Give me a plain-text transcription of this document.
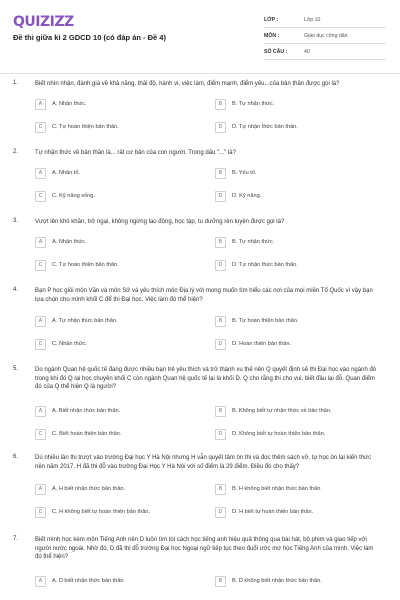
QUIZIZZ
Đề thi giữa kì 2 GDCD 10 (có đáp án - Đề 4)
LỚP :	Lớp 10
MÔN :	Giáo dục công dân
SỐ CÂU :	40
1.	Biết nhìn nhận, đánh giá về khả năng, thái độ, hành vi, việc làm, điểm mạnh, điểm yếu...của bản thân được gọi là?
A	A. Nhận thức.	B	B. Tự nhận thức.
C	C. Tự hoàn thiện bản thân.	D	D. Tự nhận thức bản thân.
2.	Tự nhận thức về bản thân là... rất cơ bản của con người. Trong dấu "..." là?
A	A. Nhân tố.	B	B. Yếu tố.
C	C. Kỹ năng sống.	D	D. Kỹ năng.
3.	Vượt lên khó khăn, trở ngại, không ngừng lao động, học tập, tu dưỡng rèn luyện được gọi là?
A	A. Nhận thức.	B	B. Tự nhận thức.
C	C. Tự hoàn thiện bản thân.	D	D. Tự nhận thức bản thân.
4.	Bạn P học giỏi môn Văn và môn Sử và yêu thích môn Địa lý với mong muốn tìm hiểu các nơi của mọi miền Tổ Quốc vì vậy bạn lựa chọn cho mình khối C để thi Đại học. Việc làm đó thể hiện?
A	A. Tự nhận thức bản thân.	B	B. Tự hoàn thiện bản thân.
C	C. Nhận thức.	D	D. Hoàn thiện bản thân.
5.	Do ngành Quan hệ quốc tế đang được nhiều bạn trẻ yêu thích và trở thành xu thế nên Q quyết định sẽ thi Đại học vào ngành đó trong khi đó Q lại học chuyên khối C còn ngành Quan hệ quốc tế lại là khối D. Q cho rằng thi cho vui, biết đâu lại đỗ. Quan điểm đó của Q thể hiện Q là người?
A	A. Biết nhận thức bản thân.	B	B. Không biết tự nhận thức về bản thân.
C	C. Biết hoàn thiện bản thân.	D	D. Không biết tự hoàn thiện bản thân.
6.	Dù nhiều lần thi trượt vào trường Đại học Y Hà Nội nhưng H vẫn quyết tâm ôn thi và đọc thêm sách vở, tự học ôn lại kiến thức nên năm 2017, H đã thi đỗ vào trường Đại Học Y Hà Nội với số điểm là 29 điểm. Điều đó cho thấy?
A	A. H biết nhận thức bản thân.	B	B. H không biết nhận thức bản thân.
C	C. H không biết tự hoàn thiện bản thân.	D	D. H biết tự hoàn thiện bản thân.
7.	Biết mình học kém môn Tiếng Anh nên D luôn tìm tòi cách học tiếng anh hiệu quả thông qua bài hát, bộ phim và giao tiếp với người nước ngoài. Nhờ đó, D đã thi đỗ trường Đại học Ngoại ngữ tiếp tục theo đuổi ước mơ học Tiếng Anh của mình. Việc làm đó thể hiện?
A	A. D biết nhận thức bản thân.	B	B. D không biết nhận thức bản thân.
